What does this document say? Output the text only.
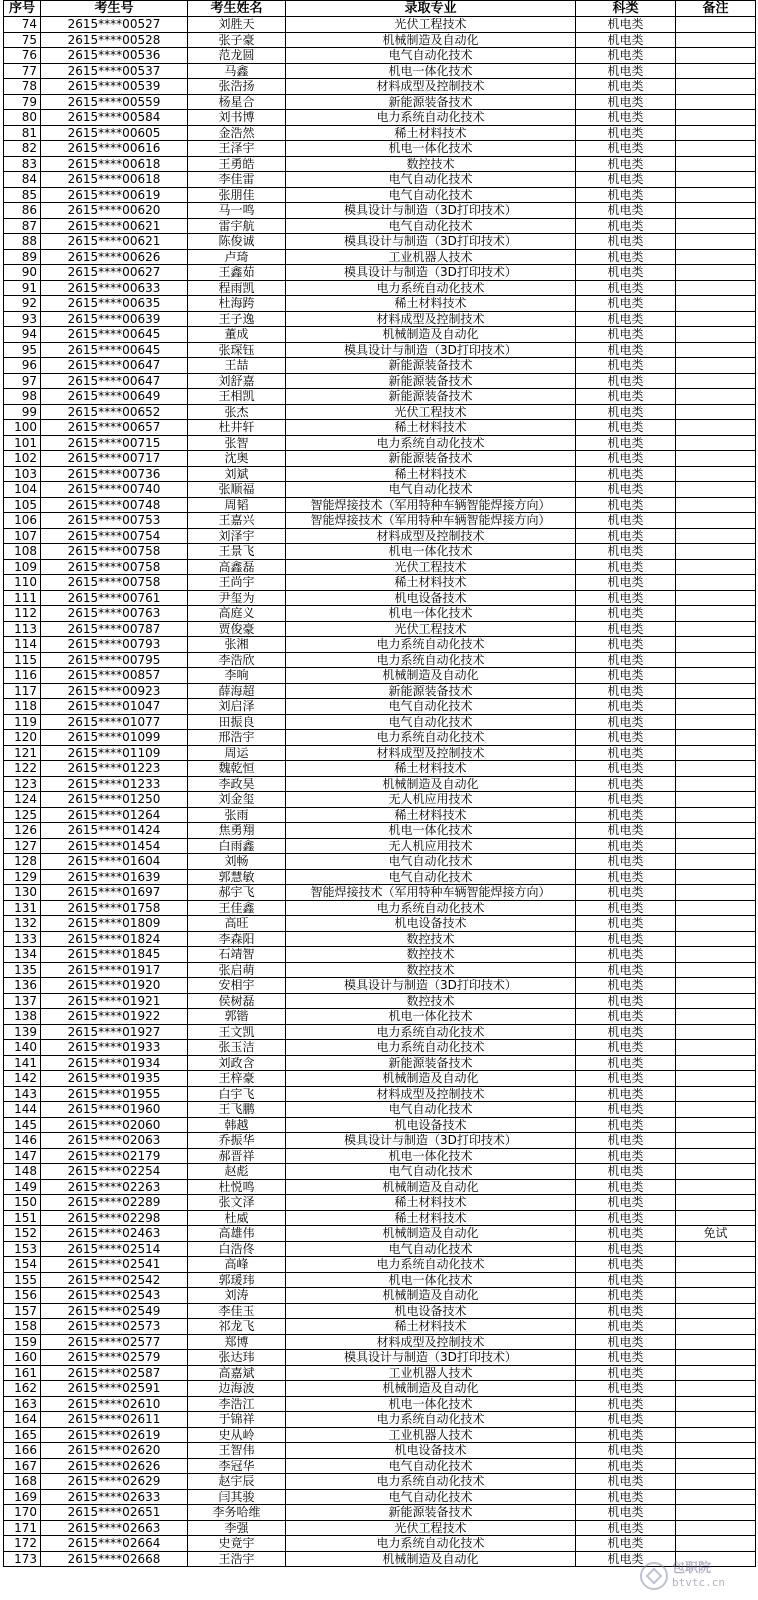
序号	考生号	考生姓名	录取专业	科类	备注
74	2615****00527	刘胜天	光伏工程技术	机电类	
75	2615****00528	张子豪	机械制造及自动化	机电类	
76	2615****00536	范龙圆	电气自动化技术	机电类	
77	2615****00537	马鑫	机电一体化技术	机电类	
78	2615****00539	张浩扬	材料成型及控制技术	机电类	
79	2615****00559	杨星合	新能源装备技术	机电类	
80	2615****00584	刘书博	电力系统自动化技术	机电类	
81	2615****00605	金浩然	稀土材料技术	机电类	
82	2615****00616	王泽宇	机电一体化技术	机电类	
83	2615****00618	王勇皓	数控技术	机电类	
84	2615****00618	李佳雷	电气自动化技术	机电类	
85	2615****00619	张朋佳	电气自动化技术	机电类	
86	2615****00620	马一鸣	模具设计与制造（3D打印技术）	机电类	
87	2615****00621	雷宇航	电气自动化技术	机电类	
88	2615****00621	陈俊诚	模具设计与制造（3D打印技术）	机电类	
89	2615****00626	卢琦	工业机器人技术	机电类	
90	2615****00627	王鑫茹	模具设计与制造（3D打印技术）	机电类	
91	2615****00633	程雨凯	电力系统自动化技术	机电类	
92	2615****00635	杜海跨	稀土材料技术	机电类	
93	2615****00639	王子逸	材料成型及控制技术	机电类	
94	2615****00645	董成	机械制造及自动化	机电类	
95	2615****00645	张琛钰	模具设计与制造（3D打印技术）	机电类	
96	2615****00647	王喆	新能源装备技术	机电类	
97	2615****00647	刘舒嘉	新能源装备技术	机电类	
98	2615****00649	王相凯	新能源装备技术	机电类	
99	2615****00652	张杰	光伏工程技术	机电类	
100	2615****00657	杜井轩	稀土材料技术	机电类	
101	2615****00715	张智	电力系统自动化技术	机电类	
102	2615****00717	沈奥	新能源装备技术	机电类	
103	2615****00736	刘斌	稀土材料技术	机电类	
104	2615****00740	张顺福	电气自动化技术	机电类	
105	2615****00748	周韬	智能焊接技术（军用特种车辆智能焊接方向）	机电类	
106	2615****00753	王嘉兴	智能焊接技术（军用特种车辆智能焊接方向）	机电类	
107	2615****00754	刘泽宇	材料成型及控制技术	机电类	
108	2615****00758	王景飞	机电一体化技术	机电类	
109	2615****00758	高鑫磊	光伏工程技术	机电类	
110	2615****00758	王尚宇	稀土材料技术	机电类	
111	2615****00761	尹玺为	机电设备技术	机电类	
112	2615****00763	高庭义	机电一体化技术	机电类	
113	2615****00787	贾俊豪	光伏工程技术	机电类	
114	2615****00793	张湘	电力系统自动化技术	机电类	
115	2615****00795	李浩欣	电力系统自动化技术	机电类	
116	2615****00857	李响	机械制造及自动化	机电类	
117	2615****00923	薛海超	新能源装备技术	机电类	
118	2615****01047	刘启泽	电气自动化技术	机电类	
119	2615****01077	田振良	电气自动化技术	机电类	
120	2615****01099	邢浩宇	电力系统自动化技术	机电类	
121	2615****01109	周运	材料成型及控制技术	机电类	
122	2615****01223	魏乾恒	稀土材料技术	机电类	
123	2615****01233	李政昊	机械制造及自动化	机电类	
124	2615****01250	刘金玺	无人机应用技术	机电类	
125	2615****01264	张雨	稀土材料技术	机电类	
126	2615****01424	焦勇翔	机电一体化技术	机电类	
127	2615****01454	白雨鑫	无人机应用技术	机电类	
128	2615****01604	刘畅	电气自动化技术	机电类	
129	2615****01639	郭慧敏	电气自动化技术	机电类	
130	2615****01697	郝宇飞	智能焊接技术（军用特种车辆智能焊接方向）	机电类	
131	2615****01758	王佳鑫	电力系统自动化技术	机电类	
132	2615****01809	高旺	机电设备技术	机电类	
133	2615****01824	李森阳	数控技术	机电类	
134	2615****01845	石靖智	数控技术	机电类	
135	2615****01917	张启萌	数控技术	机电类	
136	2615****01920	安相宇	模具设计与制造（3D打印技术）	机电类	
137	2615****01921	侯树磊	数控技术	机电类	
138	2615****01922	郭锴	机电一体化技术	机电类	
139	2615****01927	王文凯	电力系统自动化技术	机电类	
140	2615****01933	张玉洁	电力系统自动化技术	机电类	
141	2615****01934	刘政含	新能源装备技术	机电类	
142	2615****01935	王梓豪	机械制造及自动化	机电类	
143	2615****01955	白宇飞	材料成型及控制技术	机电类	
144	2615****01960	王飞鹏	电气自动化技术	机电类	
145	2615****02060	韩越	机电设备技术	机电类	
146	2615****02063	乔振华	模具设计与制造（3D打印技术）	机电类	
147	2615****02179	郝晋祥	机电一体化技术	机电类	
148	2615****02254	赵彪	电气自动化技术	机电类	
149	2615****02263	杜悦鸣	机械制造及自动化	机电类	
150	2615****02289	张文泽	稀土材料技术	机电类	
151	2615****02298	杜威	稀土材料技术	机电类	
152	2615****02463	高雄伟	机械制造及自动化	机电类	免试
153	2615****02514	白浩佟	电气自动化技术	机电类	
154	2615****02541	高峰	电力系统自动化技术	机电类	
155	2615****02542	郭瑗玮	机电一体化技术	机电类	
156	2615****02543	刘涛	机械制造及自动化	机电类	
157	2615****02549	李佳玉	机电设备技术	机电类	
158	2615****02573	祁龙飞	稀土材料技术	机电类	
159	2615****02577	郑博	材料成型及控制技术	机电类	
160	2615****02579	张达玮	模具设计与制造（3D打印技术）	机电类	
161	2615****02587	高嘉斌	工业机器人技术	机电类	
162	2615****02591	边海波	机械制造及自动化	机电类	
163	2615****02610	李浩江	机电一体化技术	机电类	
164	2615****02611	于锦祥	电力系统自动化技术	机电类	
165	2615****02619	史从岭	工业机器人技术	机电类	
166	2615****02620	王智伟	机电设备技术	机电类	
167	2615****02626	李冠华	电气自动化技术	机电类	
168	2615****02629	赵宇辰	电力系统自动化技术	机电类	
169	2615****02633	闫其骏	电气自动化技术	机电类	
170	2615****02651	李务哈维	新能源装备技术	机电类	
171	2615****02663	李强	光伏工程技术	机电类	
172	2615****02664	史竟宇	电力系统自动化技术	机电类	
173	2615****02668	王浩宇	机械制造及自动化	机电类	
包职院
btvtc.cn
